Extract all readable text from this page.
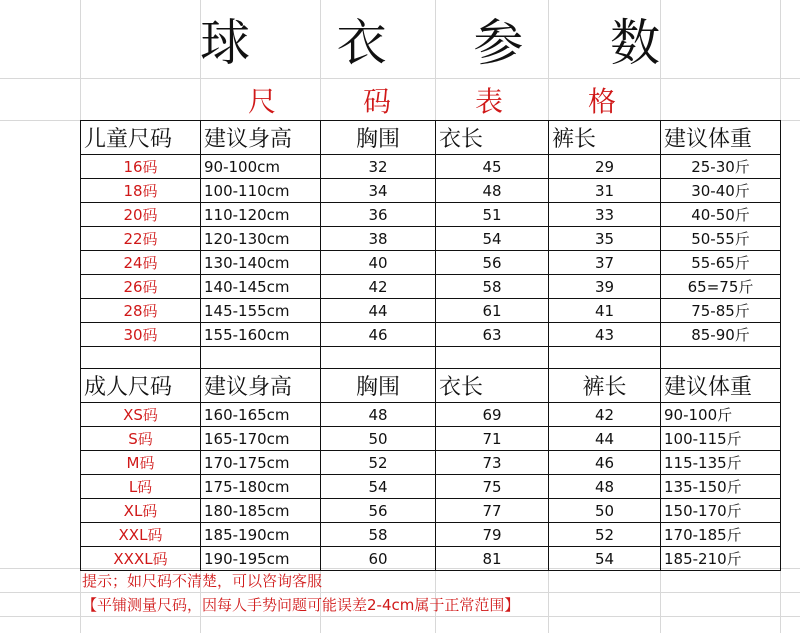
球 衣 参 数
尺	码	表	格
儿童尺码	建议身高	胸围	衣长	裤长	建议体重
16码	90-100cm	32	45	29	25-30斤
18码	100-110cm	34	48	31	30-40斤
20码	110-120cm	36	51	33	40-50斤
22码	120-130cm	38	54	35	50-55斤
24码	130-140cm	40	56	37	55-65斤
26码	140-145cm	42	58	39	65=75斤
28码	145-155cm	44	61	41	75-85斤
30码	155-160cm	46	63	43	85-90斤

成人尺码	建议身高	胸围	衣长	裤长	建议体重
XS码	160-165cm	48	69	42	90-100斤
S码	165-170cm	50	71	44	100-115斤
M码	170-175cm	52	73	46	115-135斤
L码	175-180cm	54	75	48	135-150斤
XL码	180-185cm	56	77	50	150-170斤
XXL码	185-190cm	58	79	52	170-185斤
XXXL码	190-195cm	60	81	54	185-210斤
提示；如尺码不清楚，可以咨询客服
【平铺测量尺码，因每人手势问题可能误差2-4cm属于正常范围】
